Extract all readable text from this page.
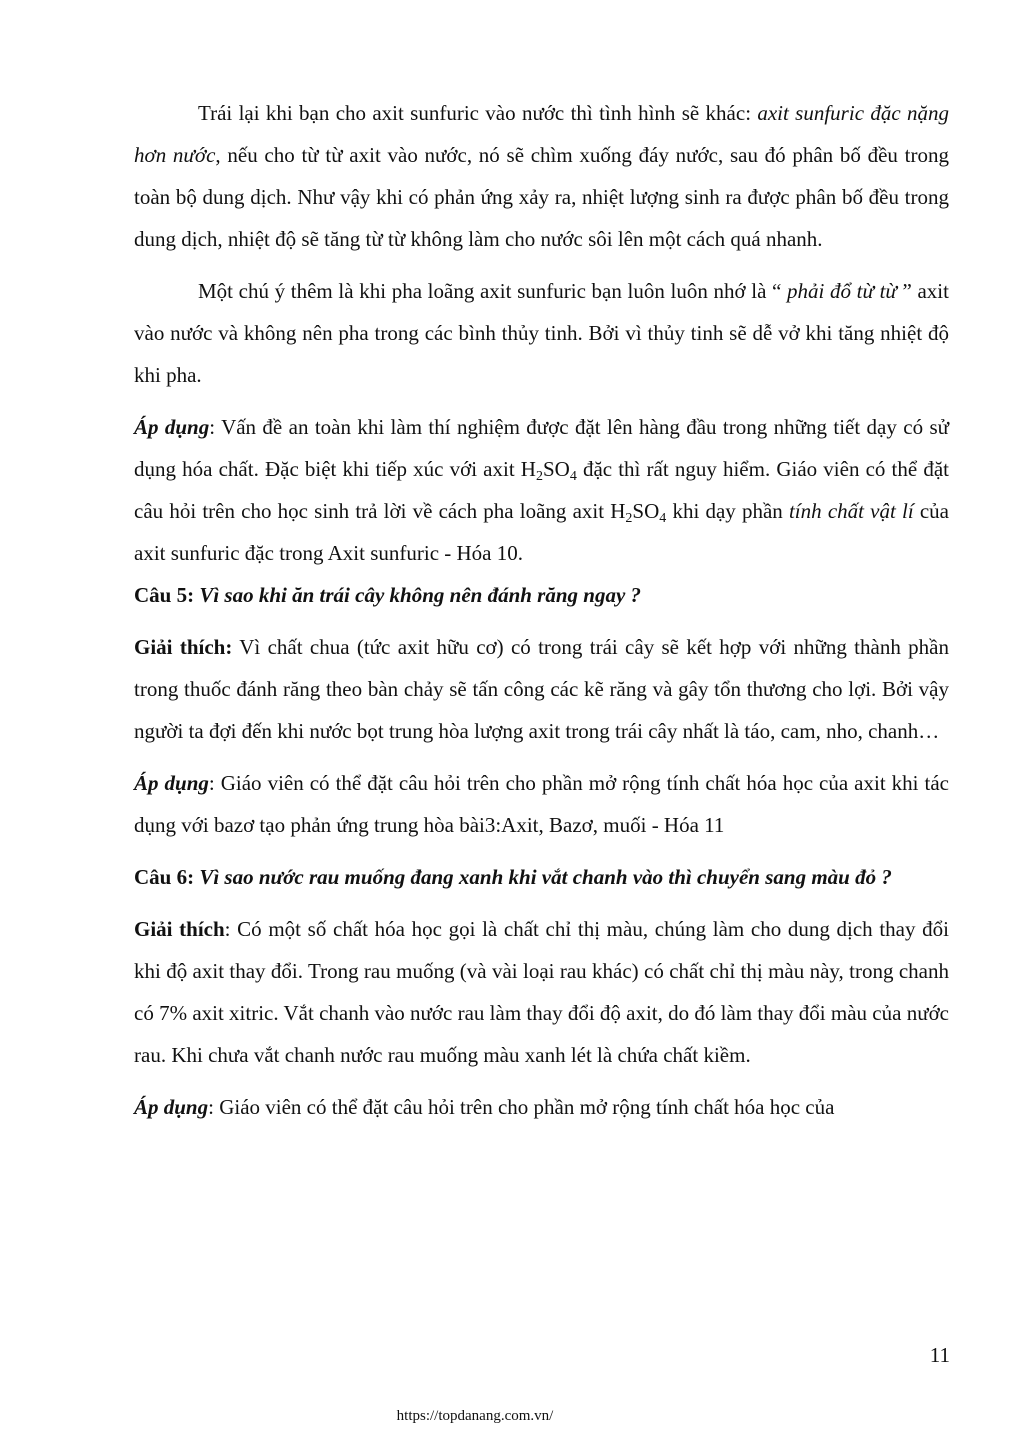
Trái lại khi bạn cho axit sunfuric vào nước thì tình hình sẽ khác: axit sunfuric đặc nặng hơn nước, nếu cho từ từ axit vào nước, nó sẽ chìm xuống đáy nước, sau đó phân bố đều trong toàn bộ dung dịch. Như vậy khi có phản ứng xảy ra, nhiệt lượng sinh ra được phân bố đều trong dung dịch, nhiệt độ sẽ tăng từ từ không làm cho nước sôi lên một cách quá nhanh.

Một chú ý thêm là khi pha loãng axit sunfuric bạn luôn luôn nhớ là “ phải đổ từ từ ” axit vào nước và không nên pha trong các bình thủy tinh. Bởi vì thủy tinh sẽ dễ vở khi tăng nhiệt độ khi pha.

Áp dụng: Vấn đề an toàn khi làm thí nghiệm được đặt lên hàng đầu trong những tiết dạy có sử dụng hóa chất. Đặc biệt khi tiếp xúc với axit $H_2SO_4$ đặc thì rất nguy hiểm. Giáo viên có thể đặt câu hỏi trên cho học sinh trả lời về cách pha loãng axit $H_2SO_4$ khi dạy phần tính chất vật lí của axit sunfuric đặc trong Axit sunfuric - Hóa 10.

Câu 5: Vì sao khi ăn trái cây không nên đánh răng ngay ?

Giải thích: Vì chất chua (tức axit hữu cơ) có trong trái cây sẽ kết hợp với những thành phần trong thuốc đánh răng theo bàn chảy sẽ tấn công các kẽ răng và gây tổn thương cho lợi. Bởi vậy người ta đợi đến khi nước bọt trung hòa lượng axit trong trái cây nhất là táo, cam, nho, chanh…

Áp dụng: Giáo viên có thể đặt câu hỏi trên cho phần mở rộng tính chất hóa học của axit khi tác dụng với bazơ tạo phản ứng trung hòa bài3:Axit, Bazơ, muối - Hóa 11

Câu 6: Vì sao nước rau muống đang xanh khi vắt chanh vào thì chuyển sang màu đỏ ?

Giải thích: Có một số chất hóa học gọi là chất chỉ thị màu, chúng làm cho dung dịch thay đổi khi độ axit thay đổi. Trong rau muống (và vài loại rau khác) có chất chỉ thị màu này, trong chanh có 7% axit xitric. Vắt chanh vào nước rau làm thay đổi độ axit, do đó làm thay đổi màu của nước rau. Khi chưa vắt chanh nước rau muống màu xanh lét là chứa chất kiềm.

Áp dụng: Giáo viên có thể đặt câu hỏi trên cho phần mở rộng tính chất hóa học của

11
https://topdanang.com.vn/
